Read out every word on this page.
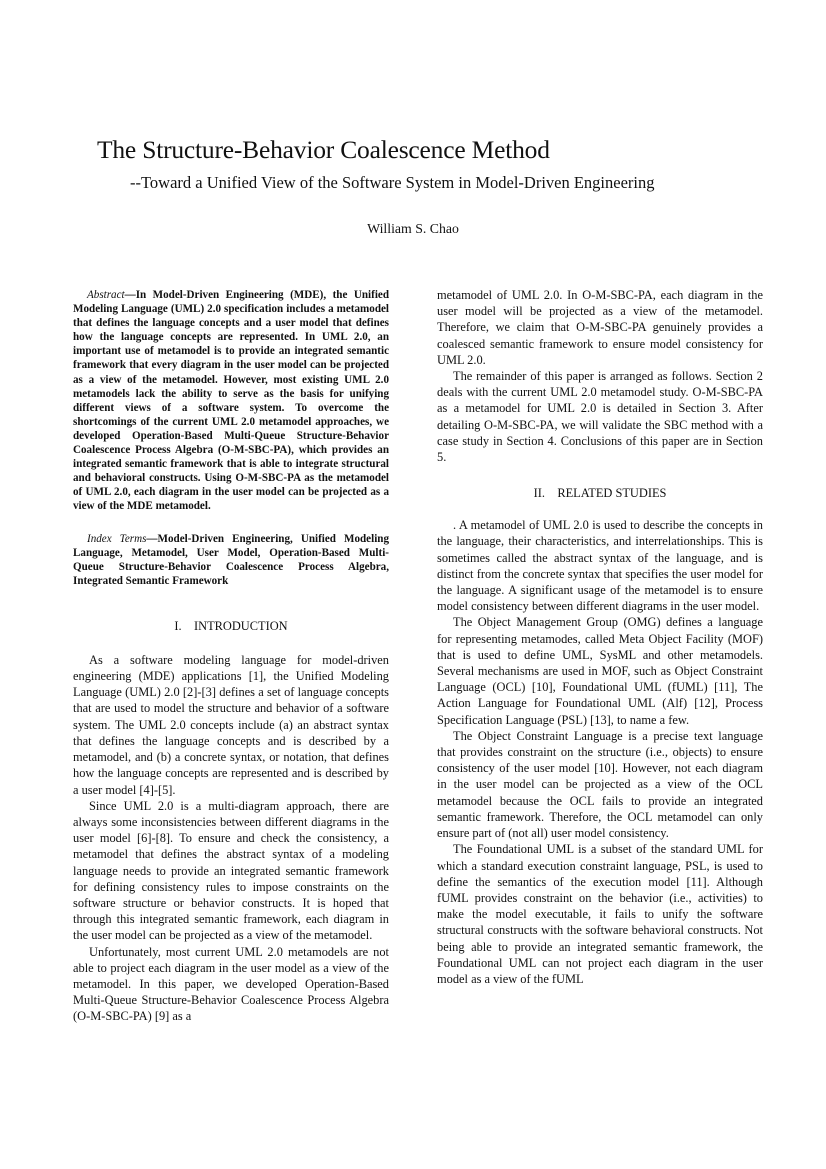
The Structure-Behavior Coalescence Method
--Toward a Unified View of the Software System in Model-Driven Engineering

William S. Chao

Abstract—In Model-Driven Engineering (MDE), the Unified Modeling Language (UML) 2.0 specification includes a metamodel that defines the language concepts and a user model that defines how the language concepts are represented. In UML 2.0, an important use of metamodel is to provide an integrated semantic framework that every diagram in the user model can be projected as a view of the metamodel. However, most existing UML 2.0 metamodels lack the ability to serve as the basis for unifying different views of a software system. To overcome the shortcomings of the current UML 2.0 metamodel approaches, we developed Operation-Based Multi-Queue Structure-Behavior Coalescence Process Algebra (O-M-SBC-PA), which provides an integrated semantic framework that is able to integrate structural and behavioral constructs. Using O-M-SBC-PA as the metamodel of UML 2.0, each diagram in the user model can be projected as a view of the MDE metamodel.

Index Terms—Model-Driven Engineering, Unified Modeling Language, Metamodel, User Model, Operation-Based Multi-Queue Structure-Behavior Coalescence Process Algebra, Integrated Semantic Framework

I. INTRODUCTION

As a software modeling language for model-driven engineering (MDE) applications [1], the Unified Modeling Language (UML) 2.0 [2]-[3] defines a set of language concepts that are used to model the structure and behavior of a software system. The UML 2.0 concepts include (a) an abstract syntax that defines the language concepts and is described by a metamodel, and (b) a concrete syntax, or notation, that defines how the language concepts are represented and is described by a user model [4]-[5].

Since UML 2.0 is a multi-diagram approach, there are always some inconsistencies between different diagrams in the user model [6]-[8]. To ensure and check the consistency, a metamodel that defines the abstract syntax of a modeling language needs to provide an integrated semantic framework for defining consistency rules to impose constraints on the software structure or behavior constructs. It is hoped that through this integrated semantic framework, each diagram in the user model can be projected as a view of the metamodel.

Unfortunately, most current UML 2.0 metamodels are not able to project each diagram in the user model as a view of the metamodel. In this paper, we developed Operation-Based Multi-Queue Structure-Behavior Coalescence Process Algebra (O-M-SBC-PA) [9] as a

metamodel of UML 2.0. In O-M-SBC-PA, each diagram in the user model will be projected as a view of the metamodel. Therefore, we claim that O-M-SBC-PA genuinely provides a coalesced semantic framework to ensure model consistency for UML 2.0.

The remainder of this paper is arranged as follows. Section 2 deals with the current UML 2.0 metamodel study. O-M-SBC-PA as a metamodel for UML 2.0 is detailed in Section 3. After detailing O-M-SBC-PA, we will validate the SBC method with a case study in Section 4. Conclusions of this paper are in Section 5.

II. RELATED STUDIES

. A metamodel of UML 2.0 is used to describe the concepts in the language, their characteristics, and interrelationships. This is sometimes called the abstract syntax of the language, and is distinct from the concrete syntax that specifies the user model for the language. A significant usage of the metamodel is to ensure model consistency between different diagrams in the user model.

The Object Management Group (OMG) defines a language for representing metamodes, called Meta Object Facility (MOF) that is used to define UML, SysML and other metamodels. Several mechanisms are used in MOF, such as Object Constraint Language (OCL) [10], Foundational UML (fUML) [11], The Action Language for Foundational UML (Alf) [12], Process Specification Language (PSL) [13], to name a few.

The Object Constraint Language is a precise text language that provides constraint on the structure (i.e., objects) to ensure consistency of the user model [10]. However, not each diagram in the user model can be projected as a view of the OCL metamodel because the OCL fails to provide an integrated semantic framework. Therefore, the OCL metamodel can only ensure part of (not all) user model consistency.

The Foundational UML is a subset of the standard UML for which a standard execution constraint language, PSL, is used to define the semantics of the execution model [11]. Although fUML provides constraint on the behavior (i.e., activities) to make the model executable, it fails to unify the software structural constructs with the software behavioral constructs. Not being able to provide an integrated semantic framework, the Foundational UML can not project each diagram in the user model as a view of the fUML
